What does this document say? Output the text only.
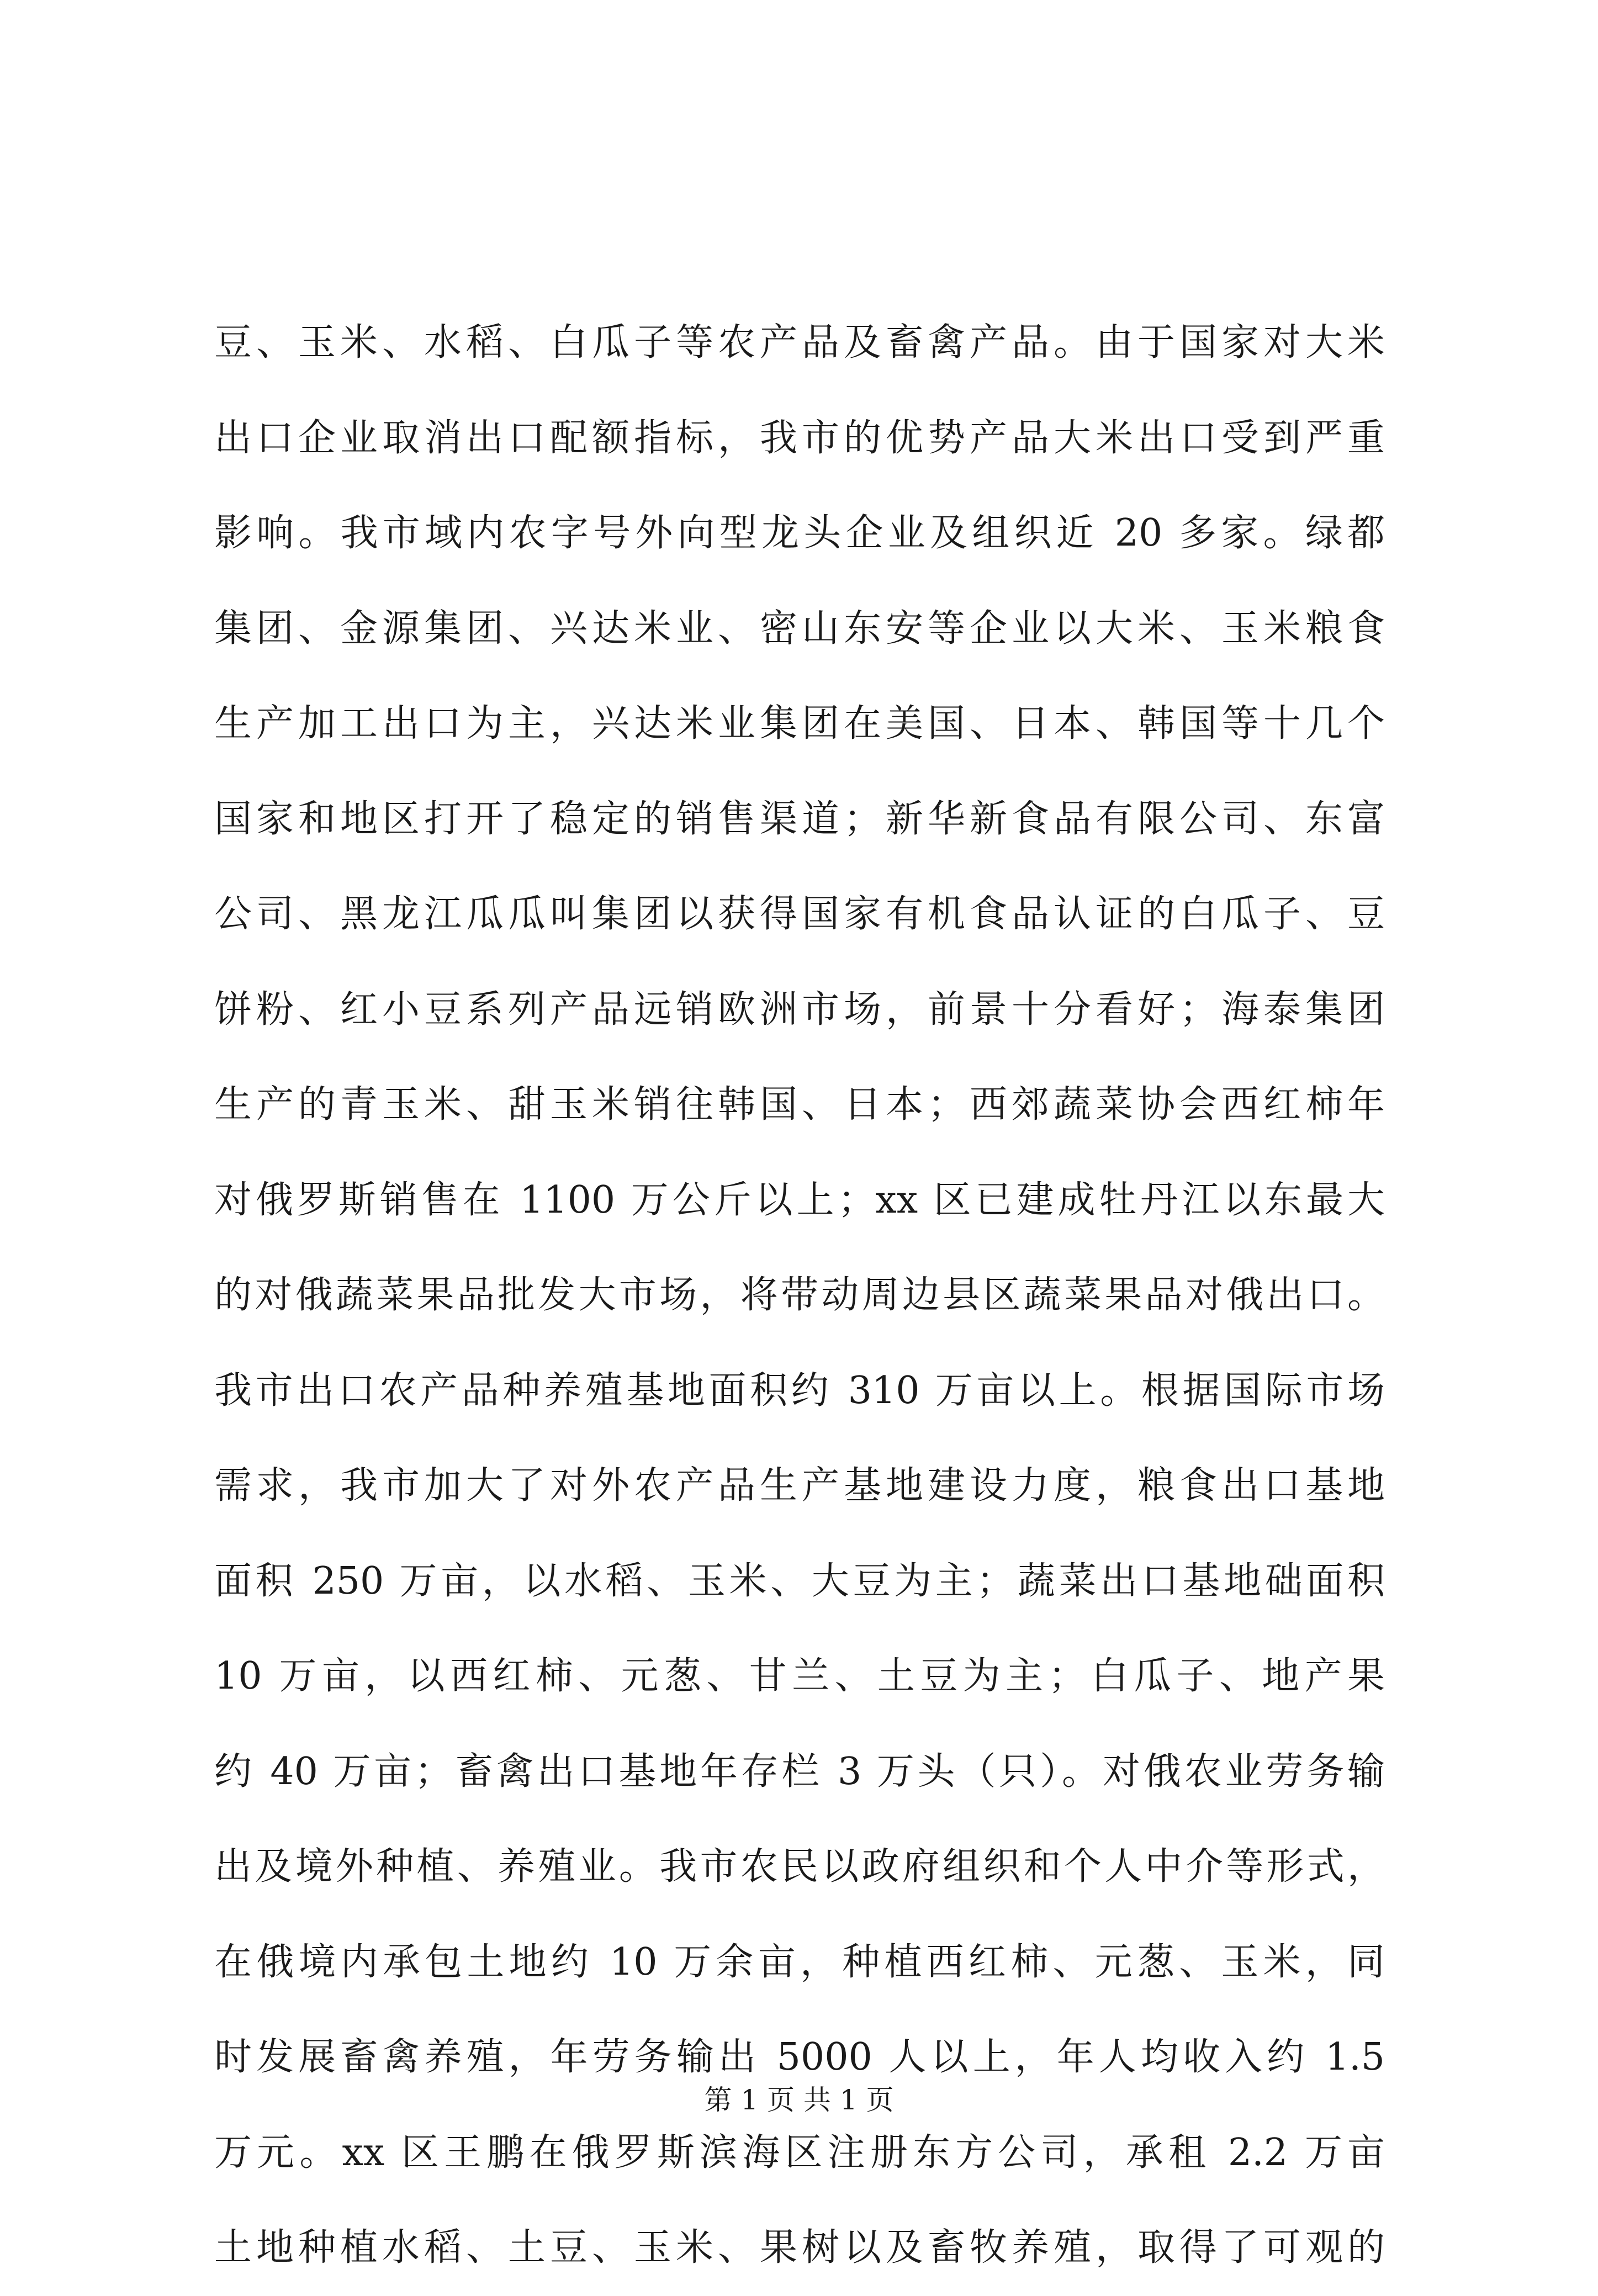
豆、玉米、水稻、白瓜子等农产品及畜禽产品。由于国家对大米
出口企业取消出口配额指标，我市的优势产品大米出口受到严重
影响。我市域内农字号外向型龙头企业及组织近 20 多家。绿都
集团、金源集团、兴达米业、密山东安等企业以大米、玉米粮食
生产加工出口为主，兴达米业集团在美国、日本、韩国等十几个
国家和地区打开了稳定的销售渠道；新华新食品有限公司、东富
公司、黑龙江瓜瓜叫集团以获得国家有机食品认证的白瓜子、豆
饼粉、红小豆系列产品远销欧洲市场，前景十分看好；海泰集团
生产的青玉米、甜玉米销往韩国、日本；西郊蔬菜协会西红柿年
对俄罗斯销售在 1100 万公斤以上；xx 区已建成牡丹江以东最大
的对俄蔬菜果品批发大市场，将带动周边县区蔬菜果品对俄出口。
我市出口农产品种养殖基地面积约 310 万亩以上。根据国际市场
需求，我市加大了对外农产品生产基地建设力度，粮食出口基地
面积 250 万亩，以水稻、玉米、大豆为主；蔬菜出口基地础面积
10 万亩，以西红柿、元葱、甘兰、土豆为主；白瓜子、地产果
约 40 万亩；畜禽出口基地年存栏 3 万头（只）。对俄农业劳务输
出及境外种植、养殖业。我市农民以政府组织和个人中介等形式，
在俄境内承包土地约 10 万余亩，种植西红柿、元葱、玉米，同
时发展畜禽养殖，年劳务输出 5000 人以上，年人均收入约 1.5
万元。xx 区王鹏在俄罗斯滨海区注册东方公司，承租 2.2 万亩
土地种植水稻、土豆、玉米、果树以及畜牧养殖，取得了可观的
第 1 页 共 1 页
